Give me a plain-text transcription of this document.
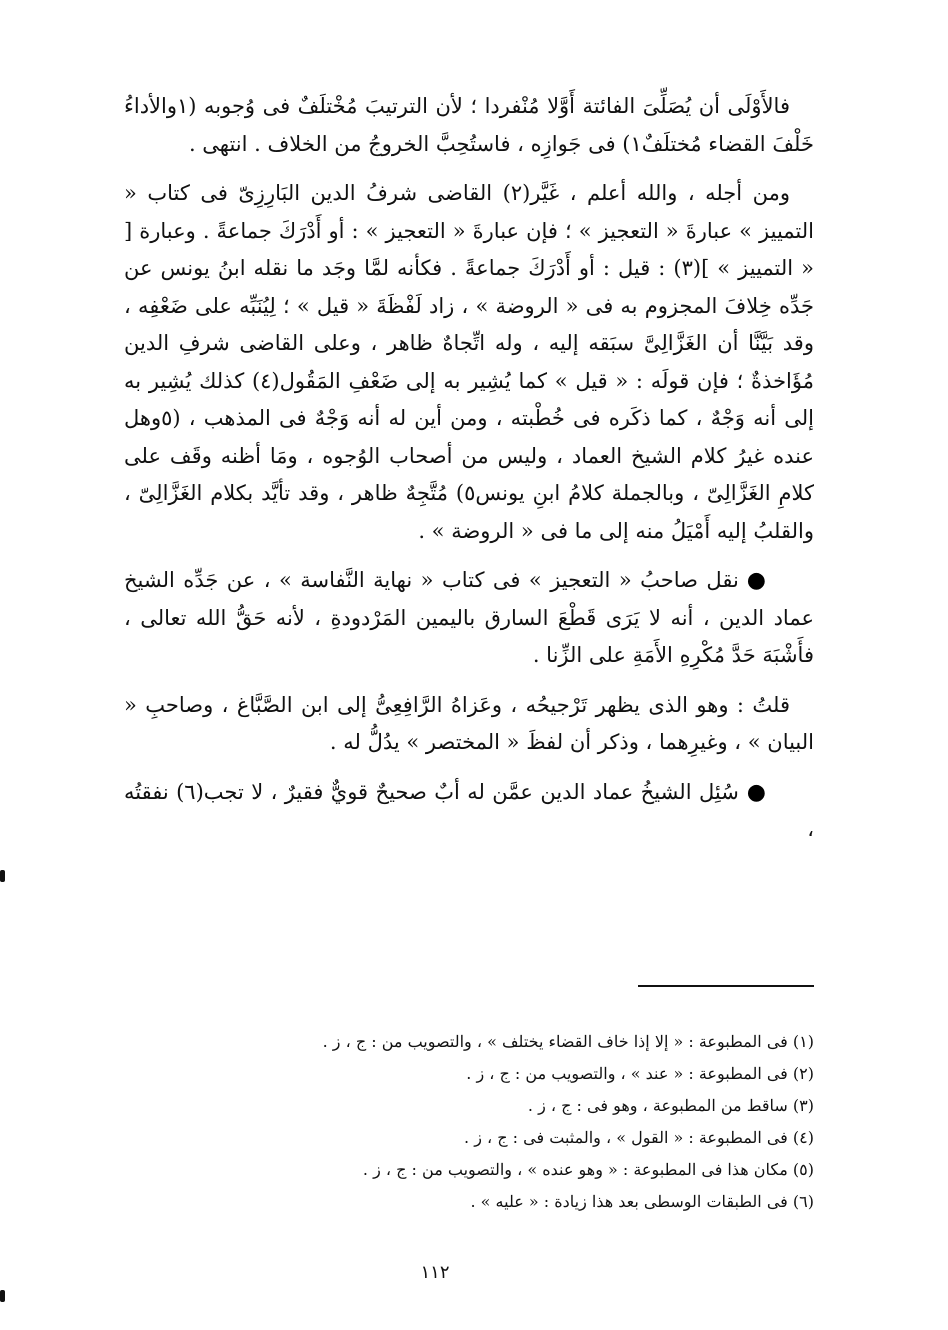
فالأَوْلَى أن يُصَلِّىَ الفائتة أَوَّلا مُنْفردا ؛ لأن الترتيبَ مُخْتلَفٌ فى وُجوبه (١والأداءُ خَلْفَ القضاء مُختلَفٌ١) فى جَوازِه ، فاستُحِبَّ الخروجُ من الخلاف . انتهى .

ومن أجله ، والله أعلم ، غَيَّر(٢) القاضى شرفُ الدين البَارِزِىّ فى كتاب « التمييز » عبارةَ « التعجيز » ؛ فإن عبارةَ « التعجيز » : أو أَدْرَكَ جماعةً . وعبارة [ « التمييز » ](٣) : قيل : أو أَدْرَكَ جماعةً . فكأنه لمَّا وجَد ما نقله ابنُ يونس عن جَدِّه خِلافَ المجزوم به فى « الروضة » ، زاد لَفْظَةَ « قيل » ؛ لِيُنَبِّه على ضَعْفِه ، وقد بَيَّنَّا أن الغَزَّالِىَّ سبَقه إليه ، وله اتِّجاهٌ ظاهر ، وعلى القاضى شرفِ الدين مُؤَاخذةٌ ؛ فإن قولَه : « قيل » كما يُشِير به إلى ضَعْفِ المَقُول(٤) كذلك يُشِير به إلى أنه وَجْهٌ ، كما ذكَره فى خُطْبته ، ومن أين له أنه وَجْهٌ فى المذهب ، (٥وهل عنده غيرُ كلام الشيخ العماد ، وليس من أصحاب الوُجوه ، ومَا أظنه وقَف على كلامِ الغَزَّالِىّ ، وبالجملة كلامُ ابنِ يونس٥) مُتَّجِهٌ ظاهر ، وقد تأيَّد بكلام الغَزَّالِىّ ، والقلبُ إليه أَمْيَلُ منه إلى ما فى « الروضة » .

●نقل صاحبُ « التعجيز » فى كتاب « نهاية النَّفاسة » ، عن جَدِّه الشيخ عماد الدين ، أنه لا يَرَى قَطْعَ السارق باليمين المَرْدودةِ ، لأنه حَقُّ الله تعالى ، فأَشْبَهَ حَدَّ مُكْرِهِ الأَمَةِ على الزِّنا .

قلتُ : وهو الذى يظهر تَرْجيحُه ، وعَزاهُ الرَّافِعِىُّ إلى ابن الصَّبَّاغ ، وصاحبِ « البيان » ، وغيرِهما ، وذكر أن لفظَ « المختصر » يدُلُّ له .

●سُئِل الشيخُ عماد الدين عمَّن له أبٌ صحيحٌ قويٌّ فقيرٌ ، لا تجب(٦) نفقتُه ،

(١) فى المطبوعة : « إلا إذا خاف القضاء يختلف » ، والتصويب من : ج ، ز .
(٢) فى المطبوعة : « عند » ، والتصويب من : ج ، ز .
(٣) ساقط من المطبوعة ، وهو فى : ج ، ز .
(٤) فى المطبوعة : « القول » ، والمثبت فى : ج ، ز .
(٥) مكان هذا فى المطبوعة : « وهو عنده » ، والتصويب من : ج ، ز .
(٦) فى الطبقات الوسطى بعد هذا زيادة : « عليه » .
١١٢
